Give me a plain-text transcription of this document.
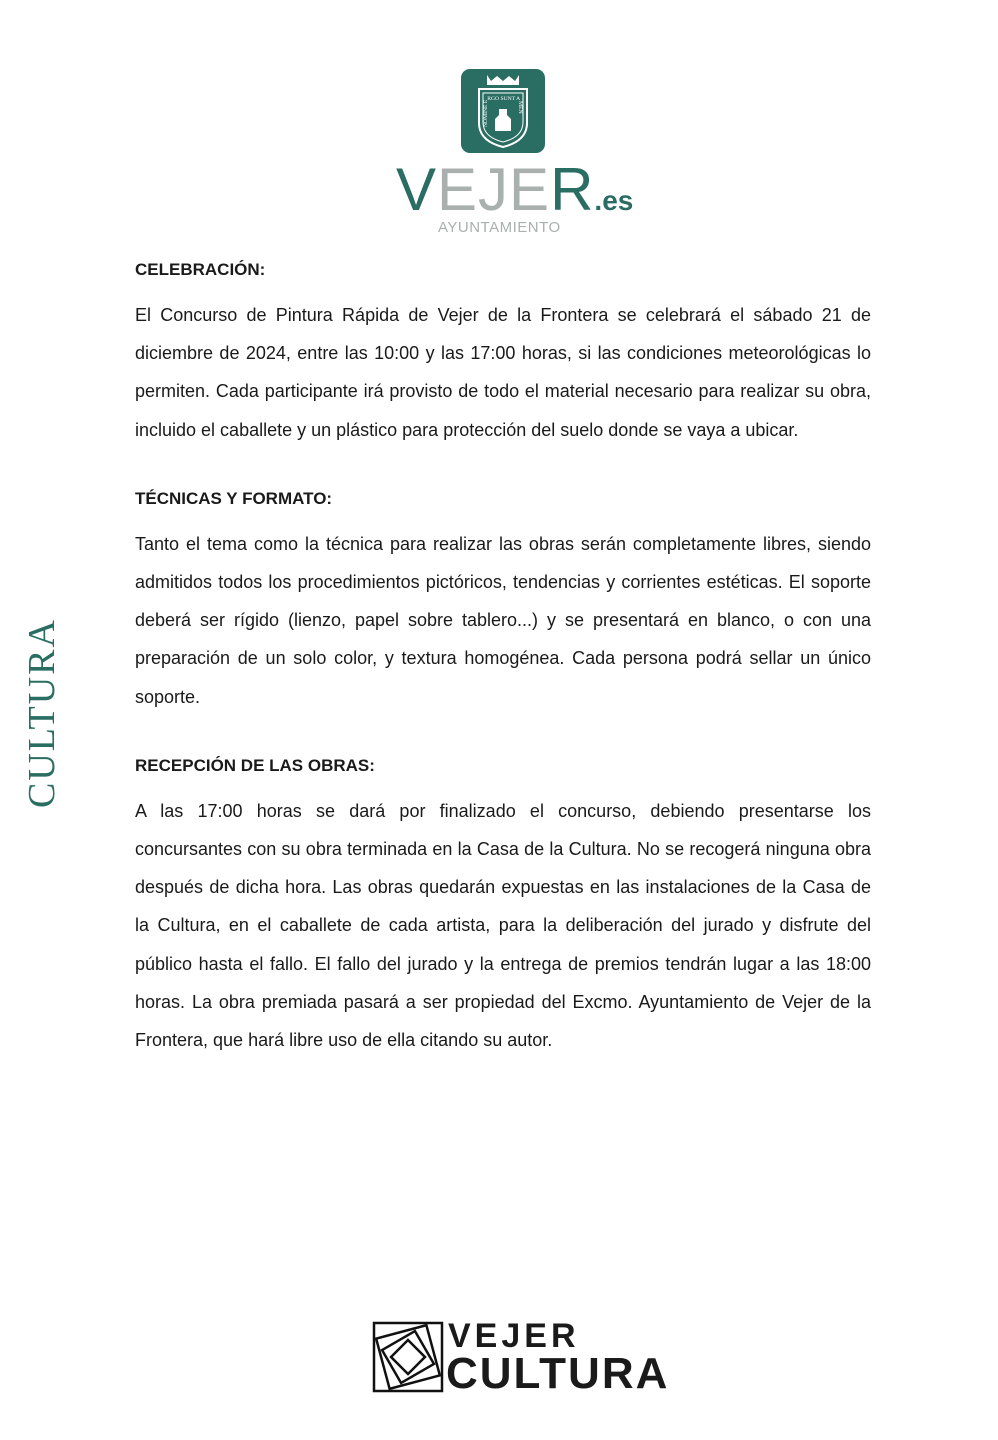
NOMINE ERGO SUNT AMEN
VEJER.es
AYUNTAMIENTO
CULTURA
CELEBRACIÓN:

El Concurso de Pintura Rápida de Vejer de la Frontera se celebrará el sábado 21 de diciembre de 2024, entre las 10:00 y las 17:00 horas, si las condiciones meteorológicas lo permiten. Cada participante irá provisto de todo el material necesario para realizar su obra, incluido el caballete y un plástico para protección del suelo donde se vaya a ubicar.

TÉCNICAS Y FORMATO:

Tanto el tema como la técnica para realizar las obras serán completamente libres, siendo admitidos todos los procedimientos pictóricos, tendencias y corrientes estéticas. El soporte deberá ser rígido (lienzo, papel sobre tablero...) y se presentará en blanco, o con una preparación de un solo color, y textura homogénea. Cada persona podrá sellar un único soporte.

RECEPCIÓN DE LAS OBRAS:

A las 17:00 horas se dará por finalizado el concurso, debiendo presentarse los concursantes con su obra terminada en la Casa de la Cultura. No se recogerá ninguna obra después de dicha hora. Las obras quedarán expuestas en las instalaciones de la Casa de la Cultura, en el caballete de cada artista, para la deliberación del jurado y disfrute del público hasta el fallo. El fallo del jurado y la entrega de premios tendrán lugar a las 18:00 horas. La obra premiada pasará a ser propiedad del Excmo. Ayuntamiento de Vejer de la Frontera, que hará libre uso de ella citando su autor.

VEJER
CULTURA
